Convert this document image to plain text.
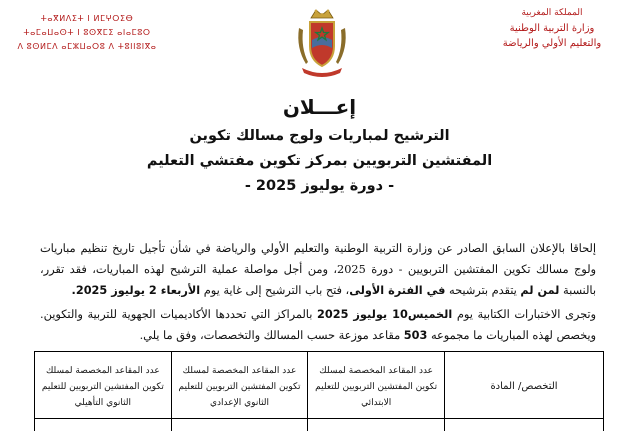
المملكة المغربية
وزارة التربية الوطنية
والتعليم الأولي والرياضة
ⵜⴰⴳⵍⴷⵉⵜ ⵏ ⵍⵎⵖⵔⵉⴱ
ⵜⴰⵎⴰⵡⴰⵙⵜ ⵏ ⵓⵙⴳⵎⵉ ⴰⵏⴰⵎⵓⵔ
ⴷ ⵓⵙⵍⵎⴷ ⴰⵎⵣⵡⴰⵔⵓ ⴷ ⵜⵓⵏⵏⵓⵏⴳⴰ
إعـــلان
الترشيح لمباريات ولوج مسالك تكوين
المفتشين التربويين بمركز تكوين مفتشي التعليم
- دورة يوليوز 2025 -

إلحاقا بالإعلان السابق الصادر عن وزارة التربية الوطنية والتعليم الأولي والرياضة في شأن تأجيل تاريخ تنظيم مباريات ولوج مسالك تكوين المفتشين التربويين - دورة 2025، ومن أجل مواصلة عملية الترشيح لهذه المباريات، فقد تقرر، بالنسبة لمن لم يتقدم بترشيحه في الفترة الأولى، فتح باب الترشيح إلى غاية يوم الأربعاء 2 يوليوز 2025.

وتجرى الاختبارات الكتابية يوم الخميس10 يوليوز 2025 بالمراكز التي تحددها الأكاديميات الجهوية للتربية والتكوين. ويخصص لهذه المباريات ما مجموعه 503 مقاعد موزعة حسب المسالك والتخصصات، وفق ما يلي.

التخصص/ المادة	عدد المقاعد المخصصة لمسلك تكوين المفتشين التربويين للتعليم الابتدائي	عدد المقاعد المخصصة لمسلك تكوين المفتشين التربويين للتعليم الثانوي الإعدادي	عدد المقاعد المخصصة لمسلك تكوين المفتشين التربويين للتعليم الثانوي التأهيلي
